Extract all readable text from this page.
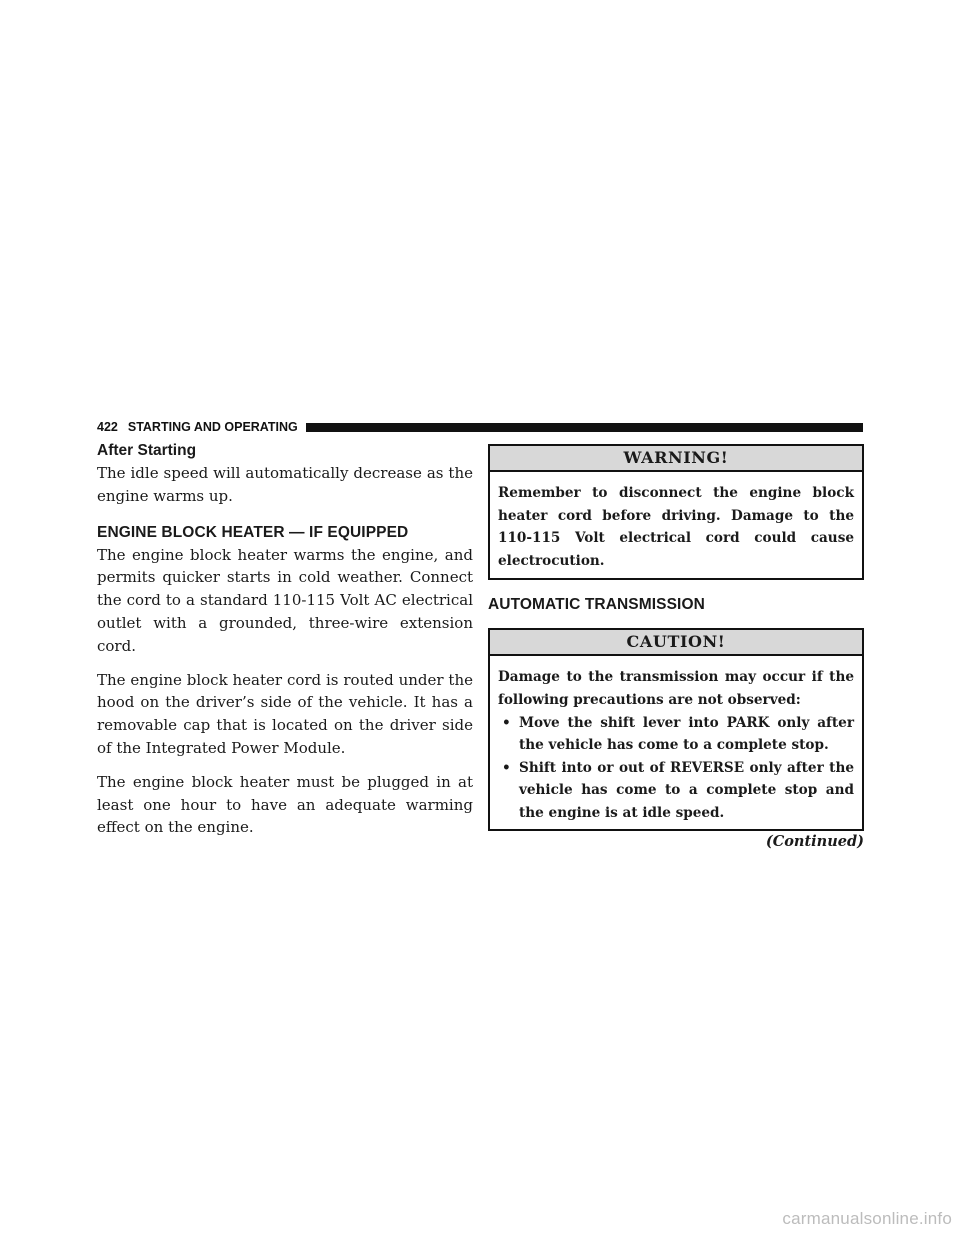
422 STARTING AND OPERATING
After Starting

The idle speed will automatically decrease as the engine warms up.

ENGINE BLOCK HEATER — IF EQUIPPED

The engine block heater warms the engine, and permits quicker starts in cold weather. Connect the cord to a standard 110-115 Volt AC electrical outlet with a grounded, three-wire extension cord.

The engine block heater cord is routed under the hood on the driver’s side of the vehicle. It has a removable cap that is located on the driver side of the Integrated Power Module.

The engine block heater must be plugged in at least one hour to have an adequate warming effect on the engine.

WARNING!

Remember to disconnect the engine block heater cord before driving. Damage to the 110-115 Volt electrical cord could cause electrocution.

AUTOMATIC TRANSMISSION
CAUTION!

Damage to the transmission may occur if the following precautions are not observed:

• Move the shift lever into PARK only after the vehicle has come to a complete stop.
• Shift into or out of REVERSE only after the vehicle has come to a complete stop and the engine is at idle speed.
(Continued)
carmanualsonline.info
